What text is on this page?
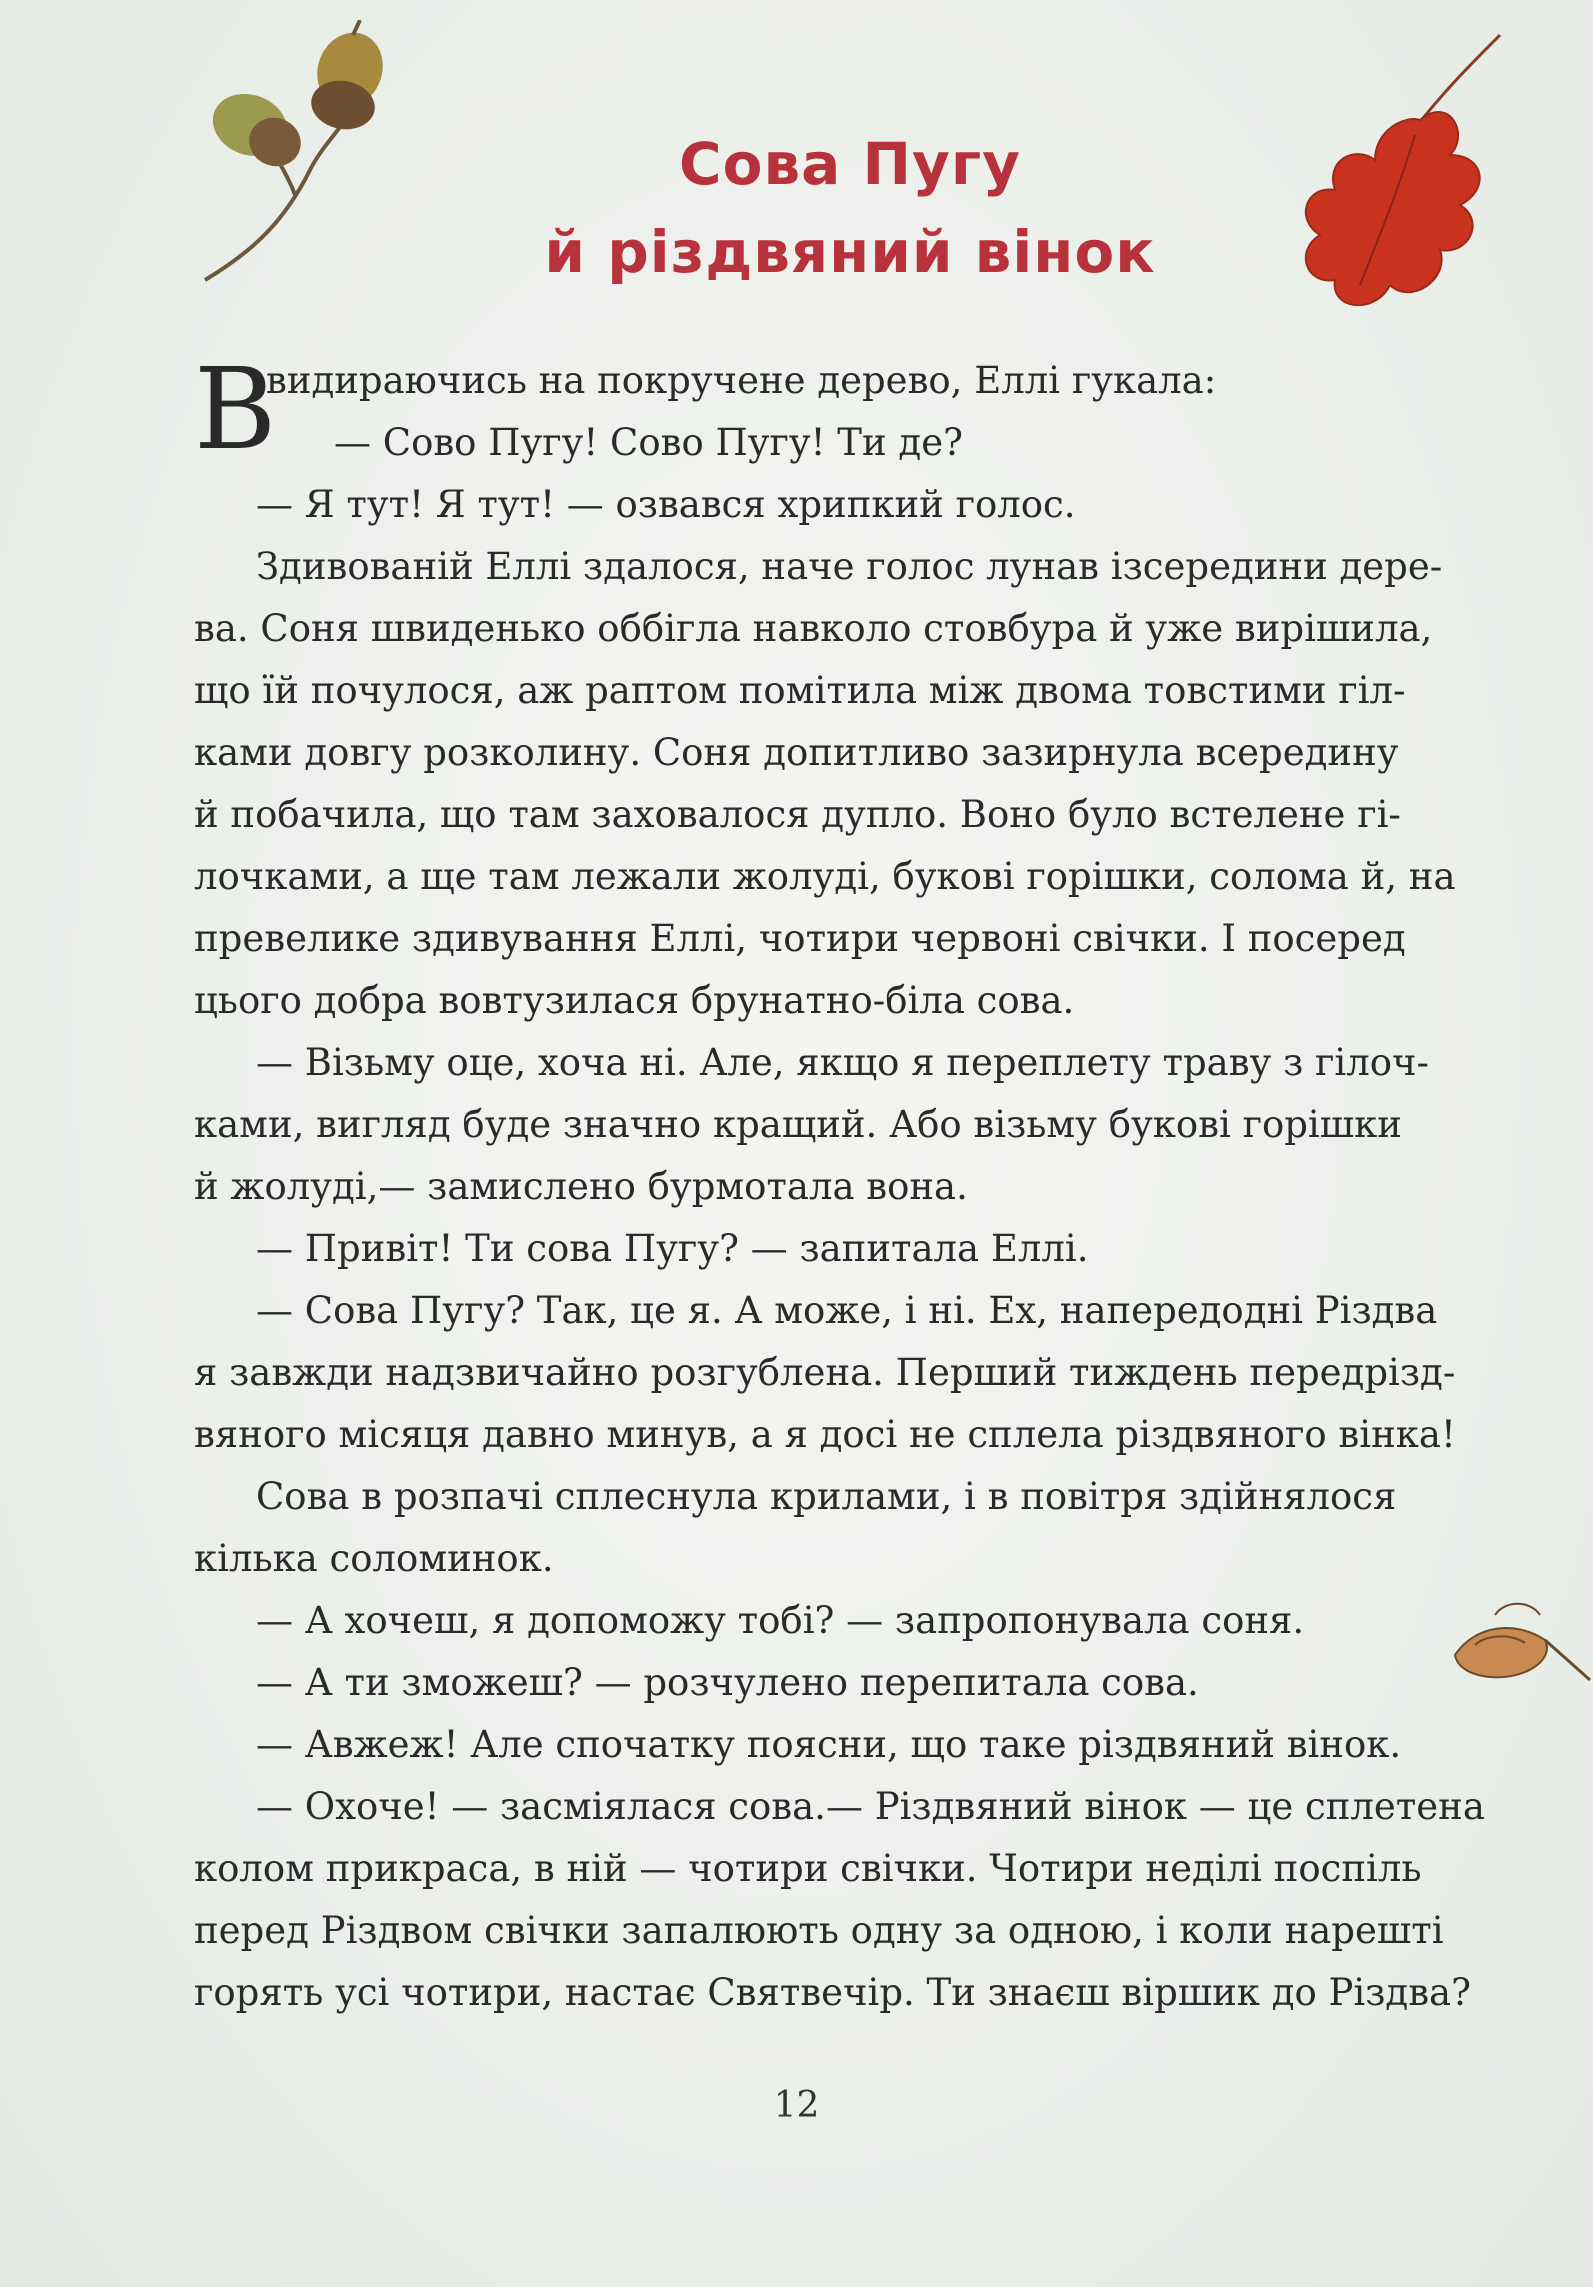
Сова Пугу
й різдвяний вінок
В
видираючись на покручене дерево, Еллі гукала:
— Сово Пугу! Сово Пугу! Ти де?
— Я тут! Я тут! — озвався хрипкий голос.
Здивованій Еллі здалося, наче голос лунав ізсередини дере-
ва. Соня швиденько оббігла навколо стовбура й уже вирішила,
що їй почулося, аж раптом помітила між двома товстими гіл-
ками довгу розколину. Соня допитливо зазирнула всередину
й побачила, що там заховалося дупло. Воно було встелене гі-
лочками, а ще там лежали жолуді, букові горішки, солома й, на
превелике здивування Еллі, чотири червоні свічки. І посеред
цього добра вовтузилася брунатно-біла сова.
— Візьму оце, хоча ні. Але, якщо я переплету траву з гілоч-
ками, вигляд буде значно кращий. Або візьму букові горішки
й жолуді,— замислено бурмотала вона.
— Привіт! Ти сова Пугу? — запитала Еллі.
— Сова Пугу? Так, це я. А може, і ні. Ех, напередодні Різдва
я завжди надзвичайно розгублена. Перший тиждень передрізд-
вяного місяця давно минув, а я досі не сплела різдвяного вінка!
Сова в розпачі сплеснула крилами, і в повітря здійнялося
кілька соломинок.
— А хочеш, я допоможу тобі? — запропонувала соня.
— А ти зможеш? — розчулено перепитала сова.
— Авжеж! Але спочатку поясни, що таке різдвяний вінок.
— Охоче! — засміялася сова.— Різдвяний вінок — це сплетена
колом прикраса, в ній — чотири свічки. Чотири неділі поспіль
перед Різдвом свічки запалюють одну за одною, і коли нарешті
горять усі чотири, настає Святвечір. Ти знаєш віршик до Різдва?
12
